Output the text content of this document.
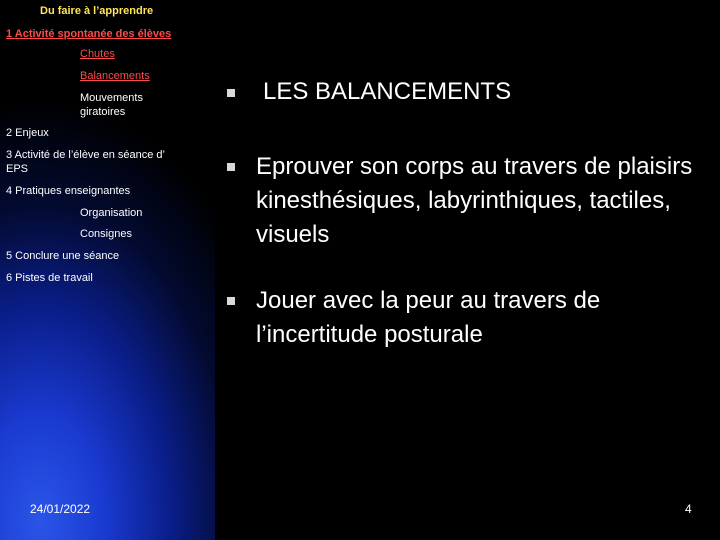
Du faire à l’apprendre
1 Activité spontanée des élèves
Chutes
Balancements
Mouvements giratoires
2 Enjeux
3 Activité de l’élève en séance d’ EPS
4 Pratiques enseignantes
Organisation
Consignes
5 Conclure une séance
6 Pistes de travail
LES BALANCEMENTS
Eprouver son corps au travers de plaisirs kinesthésiques, labyrinthiques, tactiles, visuels
Jouer avec la peur au travers de l’incertitude posturale
24/01/2022	4
